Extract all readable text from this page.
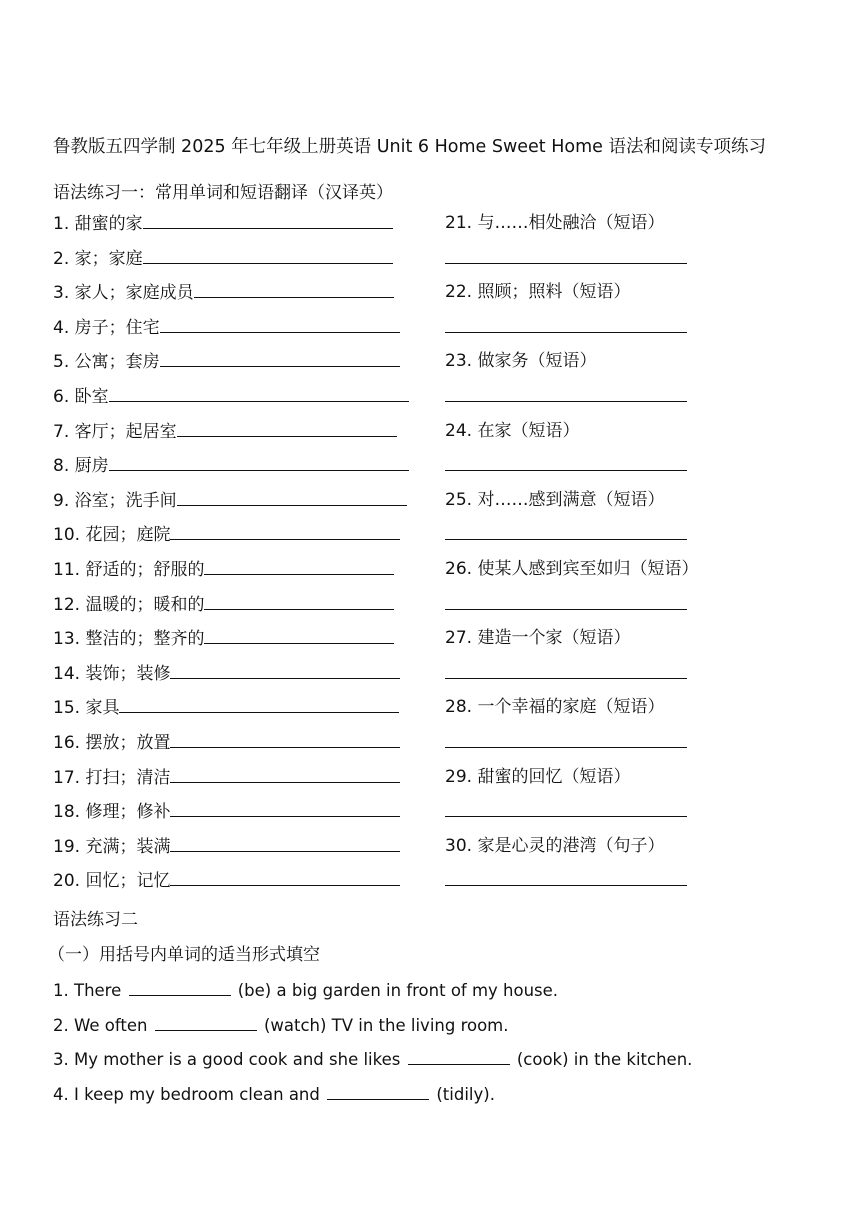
鲁教版五四学制 2025 年七年级上册英语 Unit 6 Home Sweet Home 语法和阅读专项练习
语法练习一：常用单词和短语翻译（汉译英）
1. 甜蜜的家	21. 与……相处融洽（短语）
2. 家；家庭
3. 家人；家庭成员	22. 照顾；照料（短语）
4. 房子；住宅
5. 公寓；套房	23. 做家务（短语）
6. 卧室
7. 客厅；起居室	24. 在家（短语）
8. 厨房
9. 浴室；洗手间	25. 对……感到满意（短语）
10. 花园；庭院
11. 舒适的；舒服的	26. 使某人感到宾至如归（短语）
12. 温暖的；暖和的
13. 整洁的；整齐的	27. 建造一个家（短语）
14. 装饰；装修
15. 家具	28. 一个幸福的家庭（短语）
16. 摆放；放置
17. 打扫；清洁	29. 甜蜜的回忆（短语）
18. 修理；修补
19. 充满；装满	30. 家是心灵的港湾（句子）
20. 回忆；记忆
语法练习二
（一）用括号内单词的适当形式填空
1. There	(be) a big garden in front of my house.
2. We often	(watch) TV in the living room.
3. My mother is a good cook and she likes	(cook) in the kitchen.
4. I keep my bedroom clean and	(tidily).
